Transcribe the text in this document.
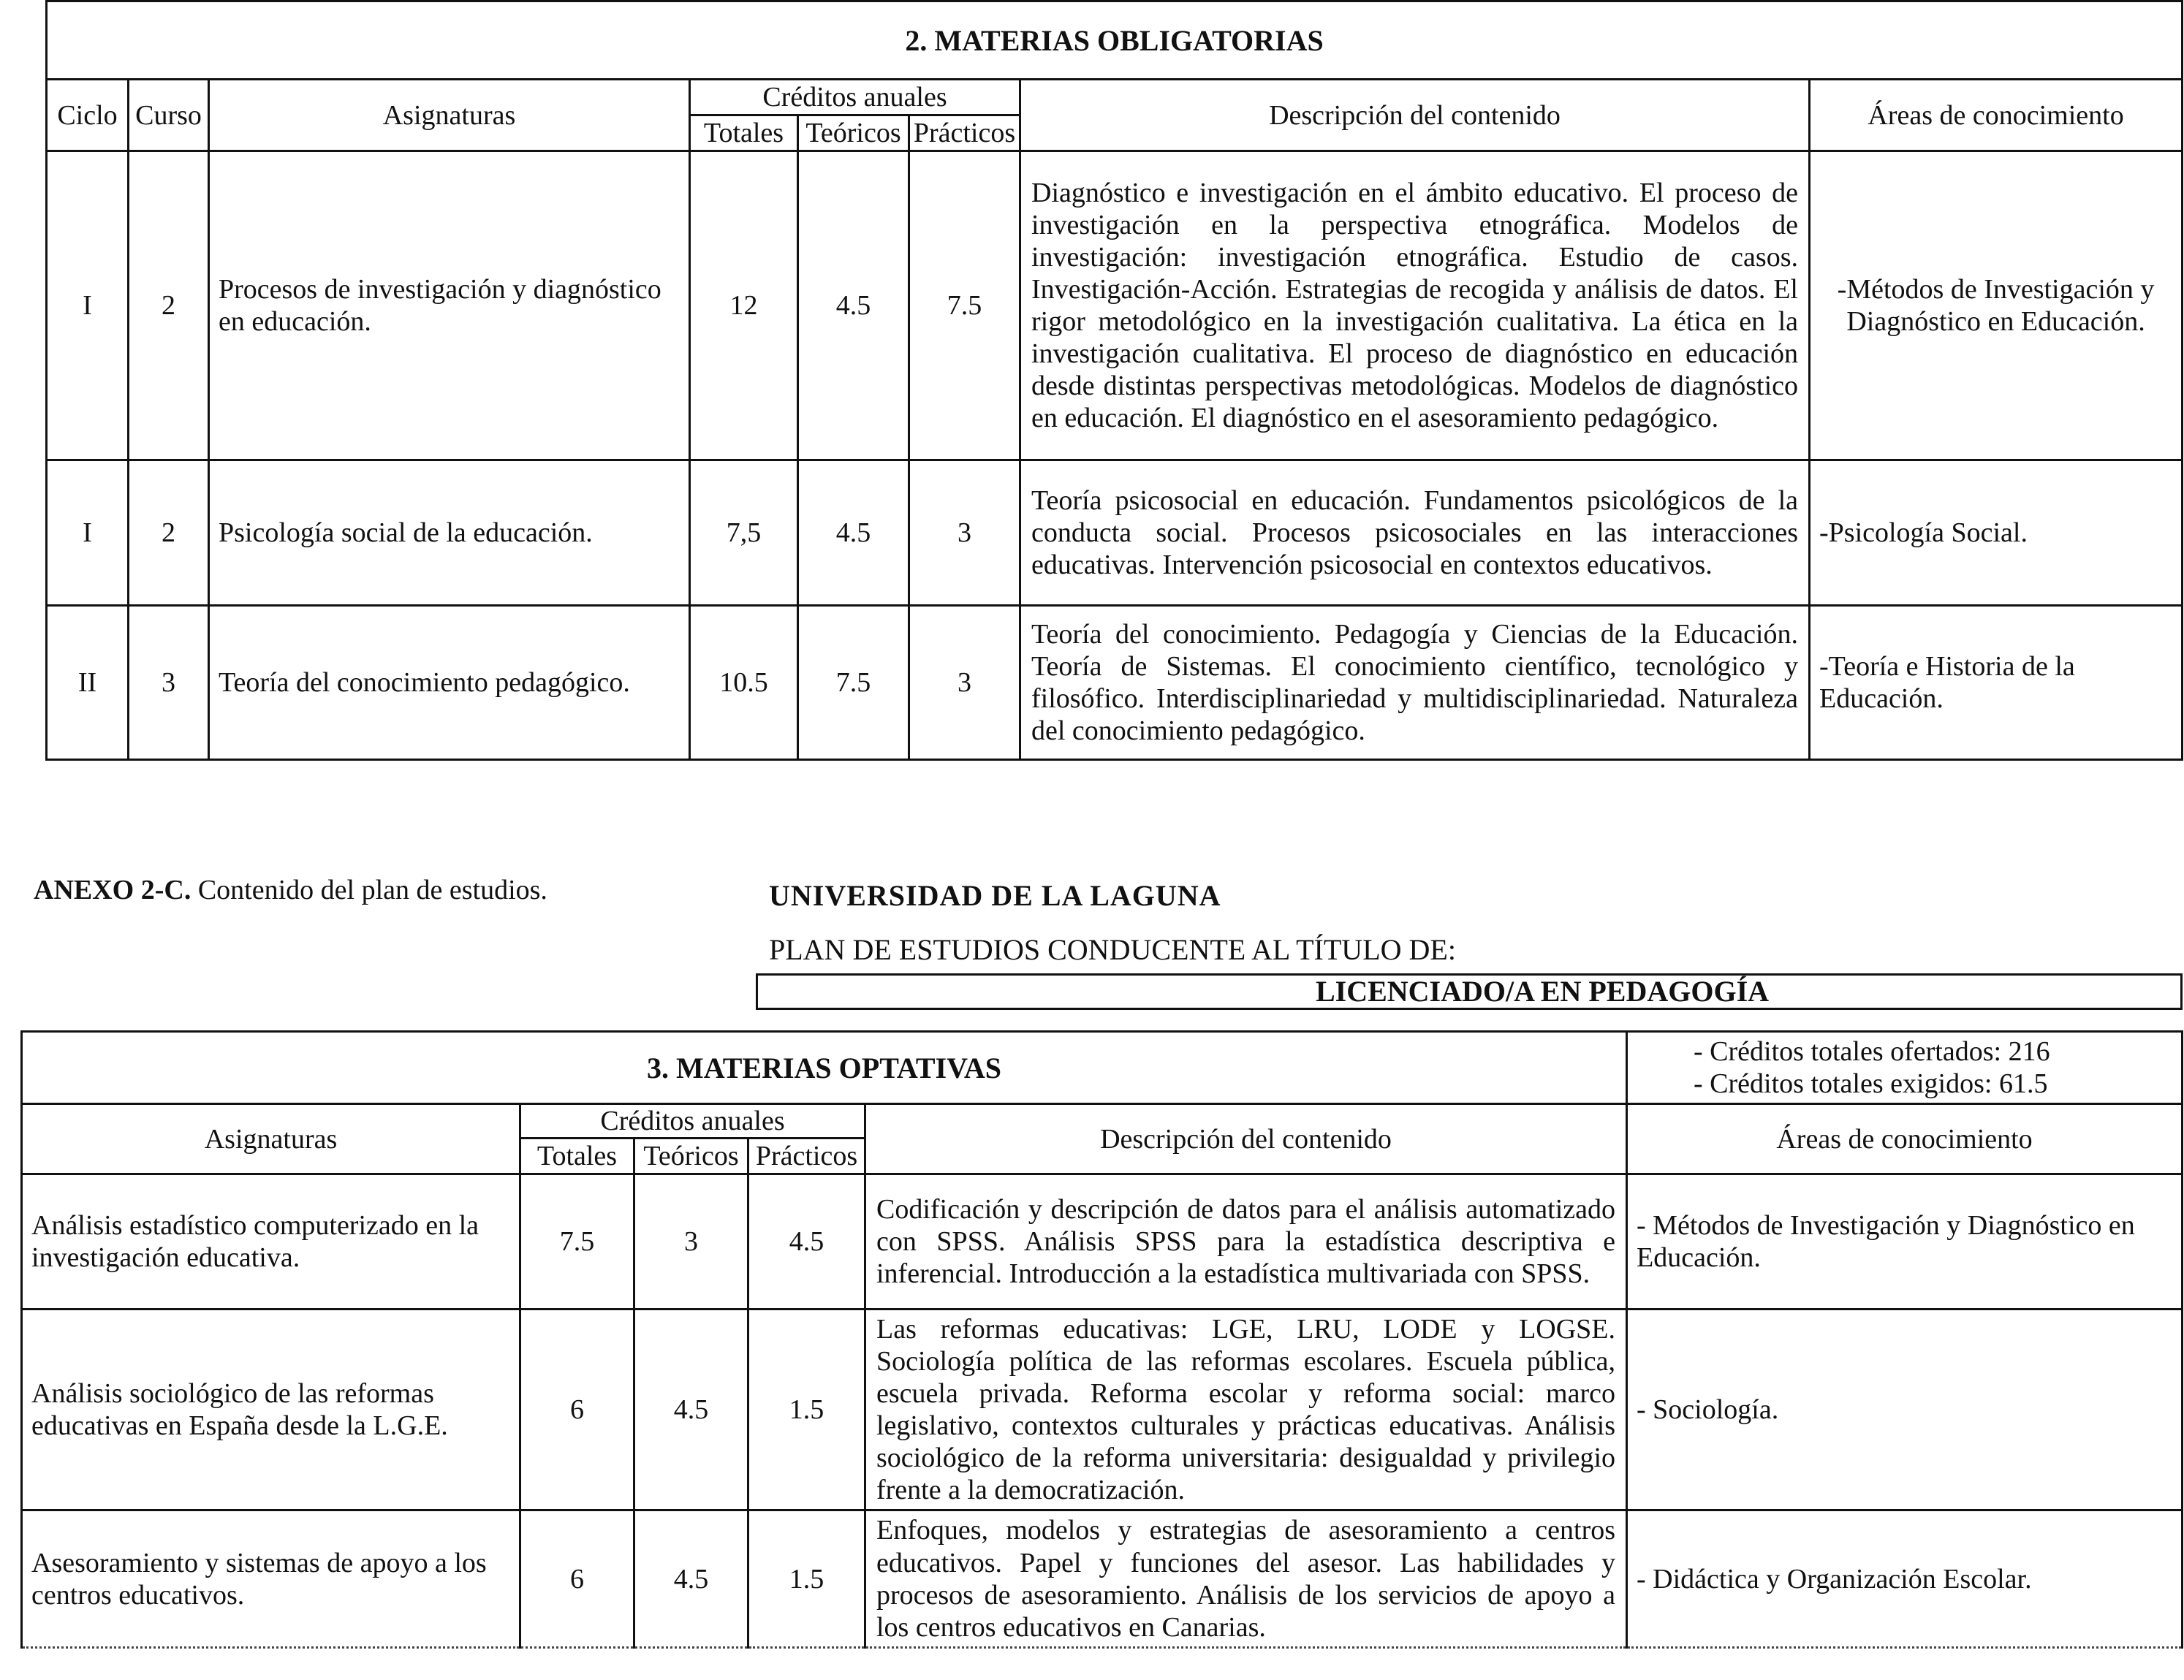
2. MATERIAS OBLIGATORIAS							
Ciclo	Curso	Asignaturas	Créditos anuales			Descripción del contenido	Áreas de conocimiento
			Totales	Teóricos	Prácticos		
I	2	Procesos de investigación y diagnóstico en educación.	12	4.5	7.5	Diagnóstico e investigación en el ámbito educativo. El proceso de investigación en la perspectiva etnográfica. Modelos de investigación: investigación etnográfica. Estudio de casos. Investigación-Acción. Estrategias de recogida y análisis de datos. El rigor metodológico en la investigación cualitativa. La ética en la investigación cualitativa. El proceso de diagnóstico en educación desde distintas perspectivas metodológicas. Modelos de diagnóstico en educación. El diagnóstico en el asesoramiento pedagógico.	-Métodos de Investigación y Diagnóstico en Educación.
I	2	Psicología social de la educación.	7,5	4.5	3	Teoría psicosocial en educación. Fundamentos psicológicos de la conducta social. Procesos psicosociales en las interacciones educativas. Intervención psicosocial en contextos educativos.	-Psicología Social.
II	3	Teoría del conocimiento pedagógico.	10.5	7.5	3	Teoría del conocimiento. Pedagogía y Ciencias de la Educación. Teoría de Sistemas. El conocimiento científico, tecnológico y filosófico. Interdisciplinariedad y multidisciplinariedad. Naturaleza del conocimiento pedagógico.	-Teoría e Historia de la Educación.
ANEXO 2-C. Contenido del plan de estudios.	UNIVERSIDAD DE LA LAGUNA
PLAN DE ESTUDIOS CONDUCENTE AL TÍTULO DE:
LICENCIADO/A EN PEDAGOGÍA
3. MATERIAS OPTATIVAS					- Créditos totales ofertados: 216
- Créditos totales exigidos: 61.5

Asignaturas	Créditos anuales			Descripción del contenido	Áreas de conocimiento
	Totales	Teóricos	Prácticos		
Análisis estadístico computerizado en la investigación educativa.	7.5	3	4.5	Codificación y descripción de datos para el análisis automatizado con SPSS. Análisis SPSS para la estadística descriptiva e inferencial. Introducción a la estadística multivariada con SPSS.	- Métodos de Investigación y Diagnóstico en Educación.
Análisis sociológico de las reformas educativas en España desde la L.G.E.	6	4.5	1.5	Las reformas educativas: LGE, LRU, LODE y LOGSE. Sociología política de las reformas escolares. Escuela pública, escuela privada. Reforma escolar y reforma social: marco legislativo, contextos culturales y prácticas educativas. Análisis sociológico de la reforma universitaria: desigualdad y privilegio frente a la democratización.	- Sociología.
Asesoramiento y sistemas de apoyo a los centros educativos.	6	4.5	1.5	Enfoques, modelos y estrategias de asesoramiento a centros educativos. Papel y funciones del asesor. Las habilidades y procesos de asesoramiento. Análisis de los servicios de apoyo a los centros educativos en Canarias.	- Didáctica y Organización Escolar.
